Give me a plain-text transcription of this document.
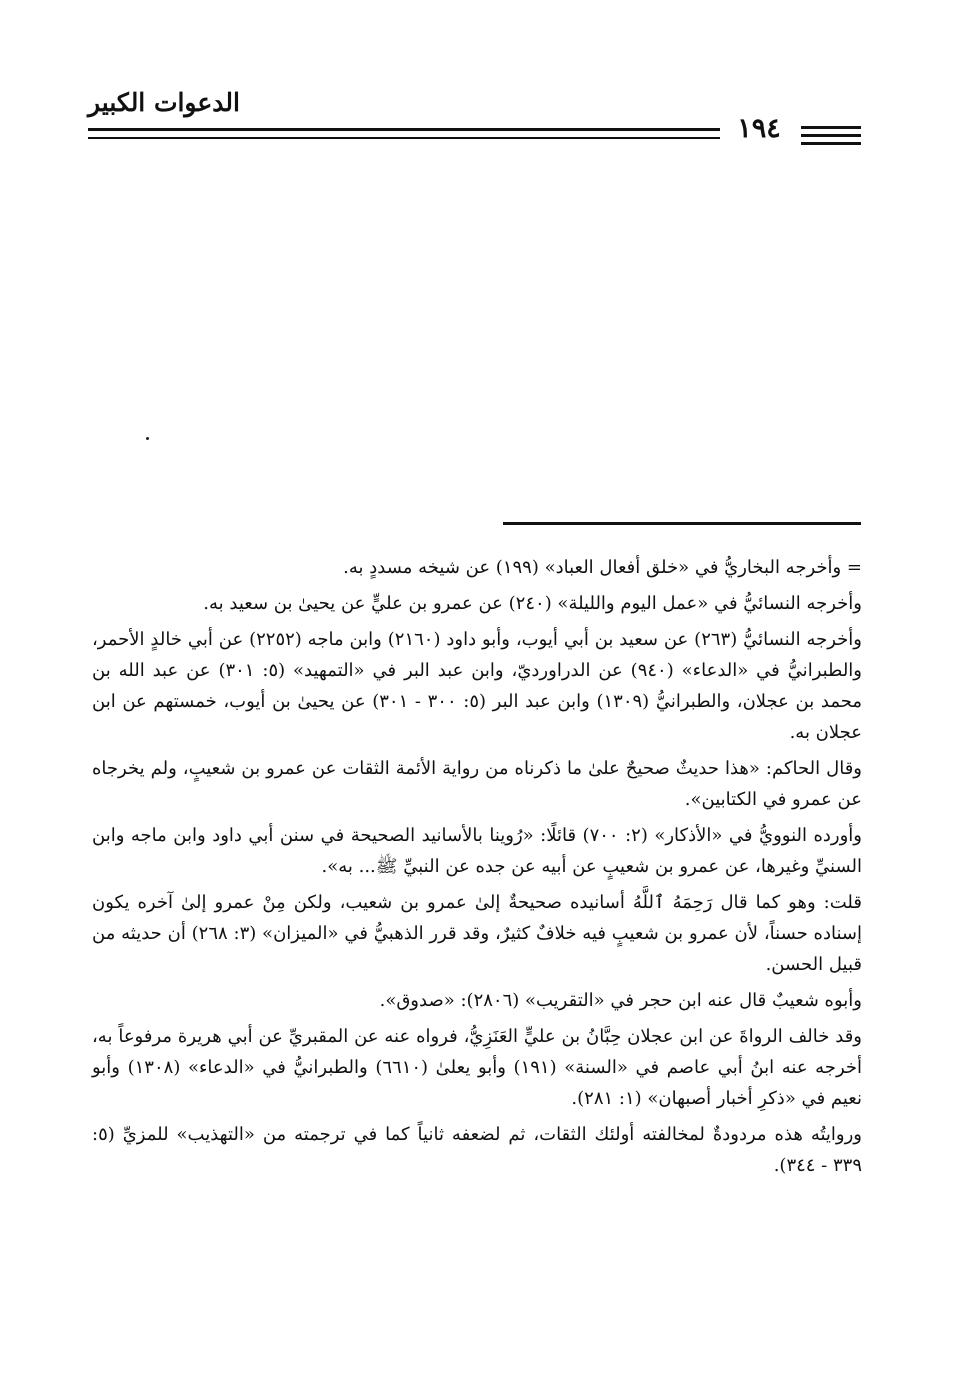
الدعوات الكبير
١٩٤

= وأخرجه البخاريُّ في «خلق أفعال العباد» (١٩٩) عن شيخه مسددٍ به.

وأخرجه النسائيُّ في «عمل اليوم والليلة» (٢٤٠) عن عمرو بن عليٍّ عن يحيىٰ بن سعيد به.

وأخرجه النسائيُّ (٢٦٣) عن سعيد بن أبي أيوب، وأبو داود (٢١٦٠) وابن ماجه (٢٢٥٢) عن أبي خالدٍ الأحمر، والطبرانيُّ في «الدعاء» (٩٤٠) عن الدراورديّ، وابن عبد البر في «التمهيد» (٥: ٣٠١) عن عبد الله بن محمد بن عجلان، والطبرانيُّ (١٣٠٩) وابن عبد البر (٥: ٣٠٠ - ٣٠١) عن يحيىٰ بن أيوب، خمستهم عن ابن عجلان به.

وقال الحاكم: «هذا حديثٌ صحيحٌ علىٰ ما ذكرناه من رواية الأئمة الثقات عن عمرو بن شعيبٍ، ولم يخرجاه عن عمرو في الكتابين».

وأورده النوويُّ في «الأذكار» (٢: ٧٠٠) قائلًا: «رُوينا بالأسانيد الصحيحة في سنن أبي داود وابن ماجه وابن السنيِّ وغيرها، عن عمرو بن شعيبٍ عن أبيه عن جده عن النبيِّ ﷺ... به».

قلت: وهو كما قال رَحِمَهُ ٱللَّهُ أسانيده صحيحةٌ إلىٰ عمرو بن شعيب، ولكن مِنْ عمرو إلىٰ آخره يكون إسناده حسناً، لأن عمرو بن شعيبٍ فيه خلافٌ كثيرٌ، وقد قرر الذهبيُّ في «الميزان» (٣: ٢٦٨) أن حديثه من قبيل الحسن.

وأبوه شعيبٌ قال عنه ابن حجر في «التقريب» (٢٨٠٦): «صدوق».

وقد خالف الرواةَ عن ابن عجلان حِبَّانُ بن عليٍّ العَنَزِيُّ، فرواه عنه عن المقبريِّ عن أبي هريرة مرفوعاً به، أخرجه عنه ابنُ أبي عاصم في «السنة» (١٩١) وأبو يعلىٰ (٦٦١٠) والطبرانيُّ في «الدعاء» (١٣٠٨) وأبو نعيم في «ذكرِ أخبار أصبهان» (١: ٢٨١).

وروايتُه هذه مردودةٌ لمخالفته أولئك الثقات، ثم لضعفه ثانياً كما في ترجمته من «التهذيب» للمزيِّ (٥: ٣٣٩ - ٣٤٤).
